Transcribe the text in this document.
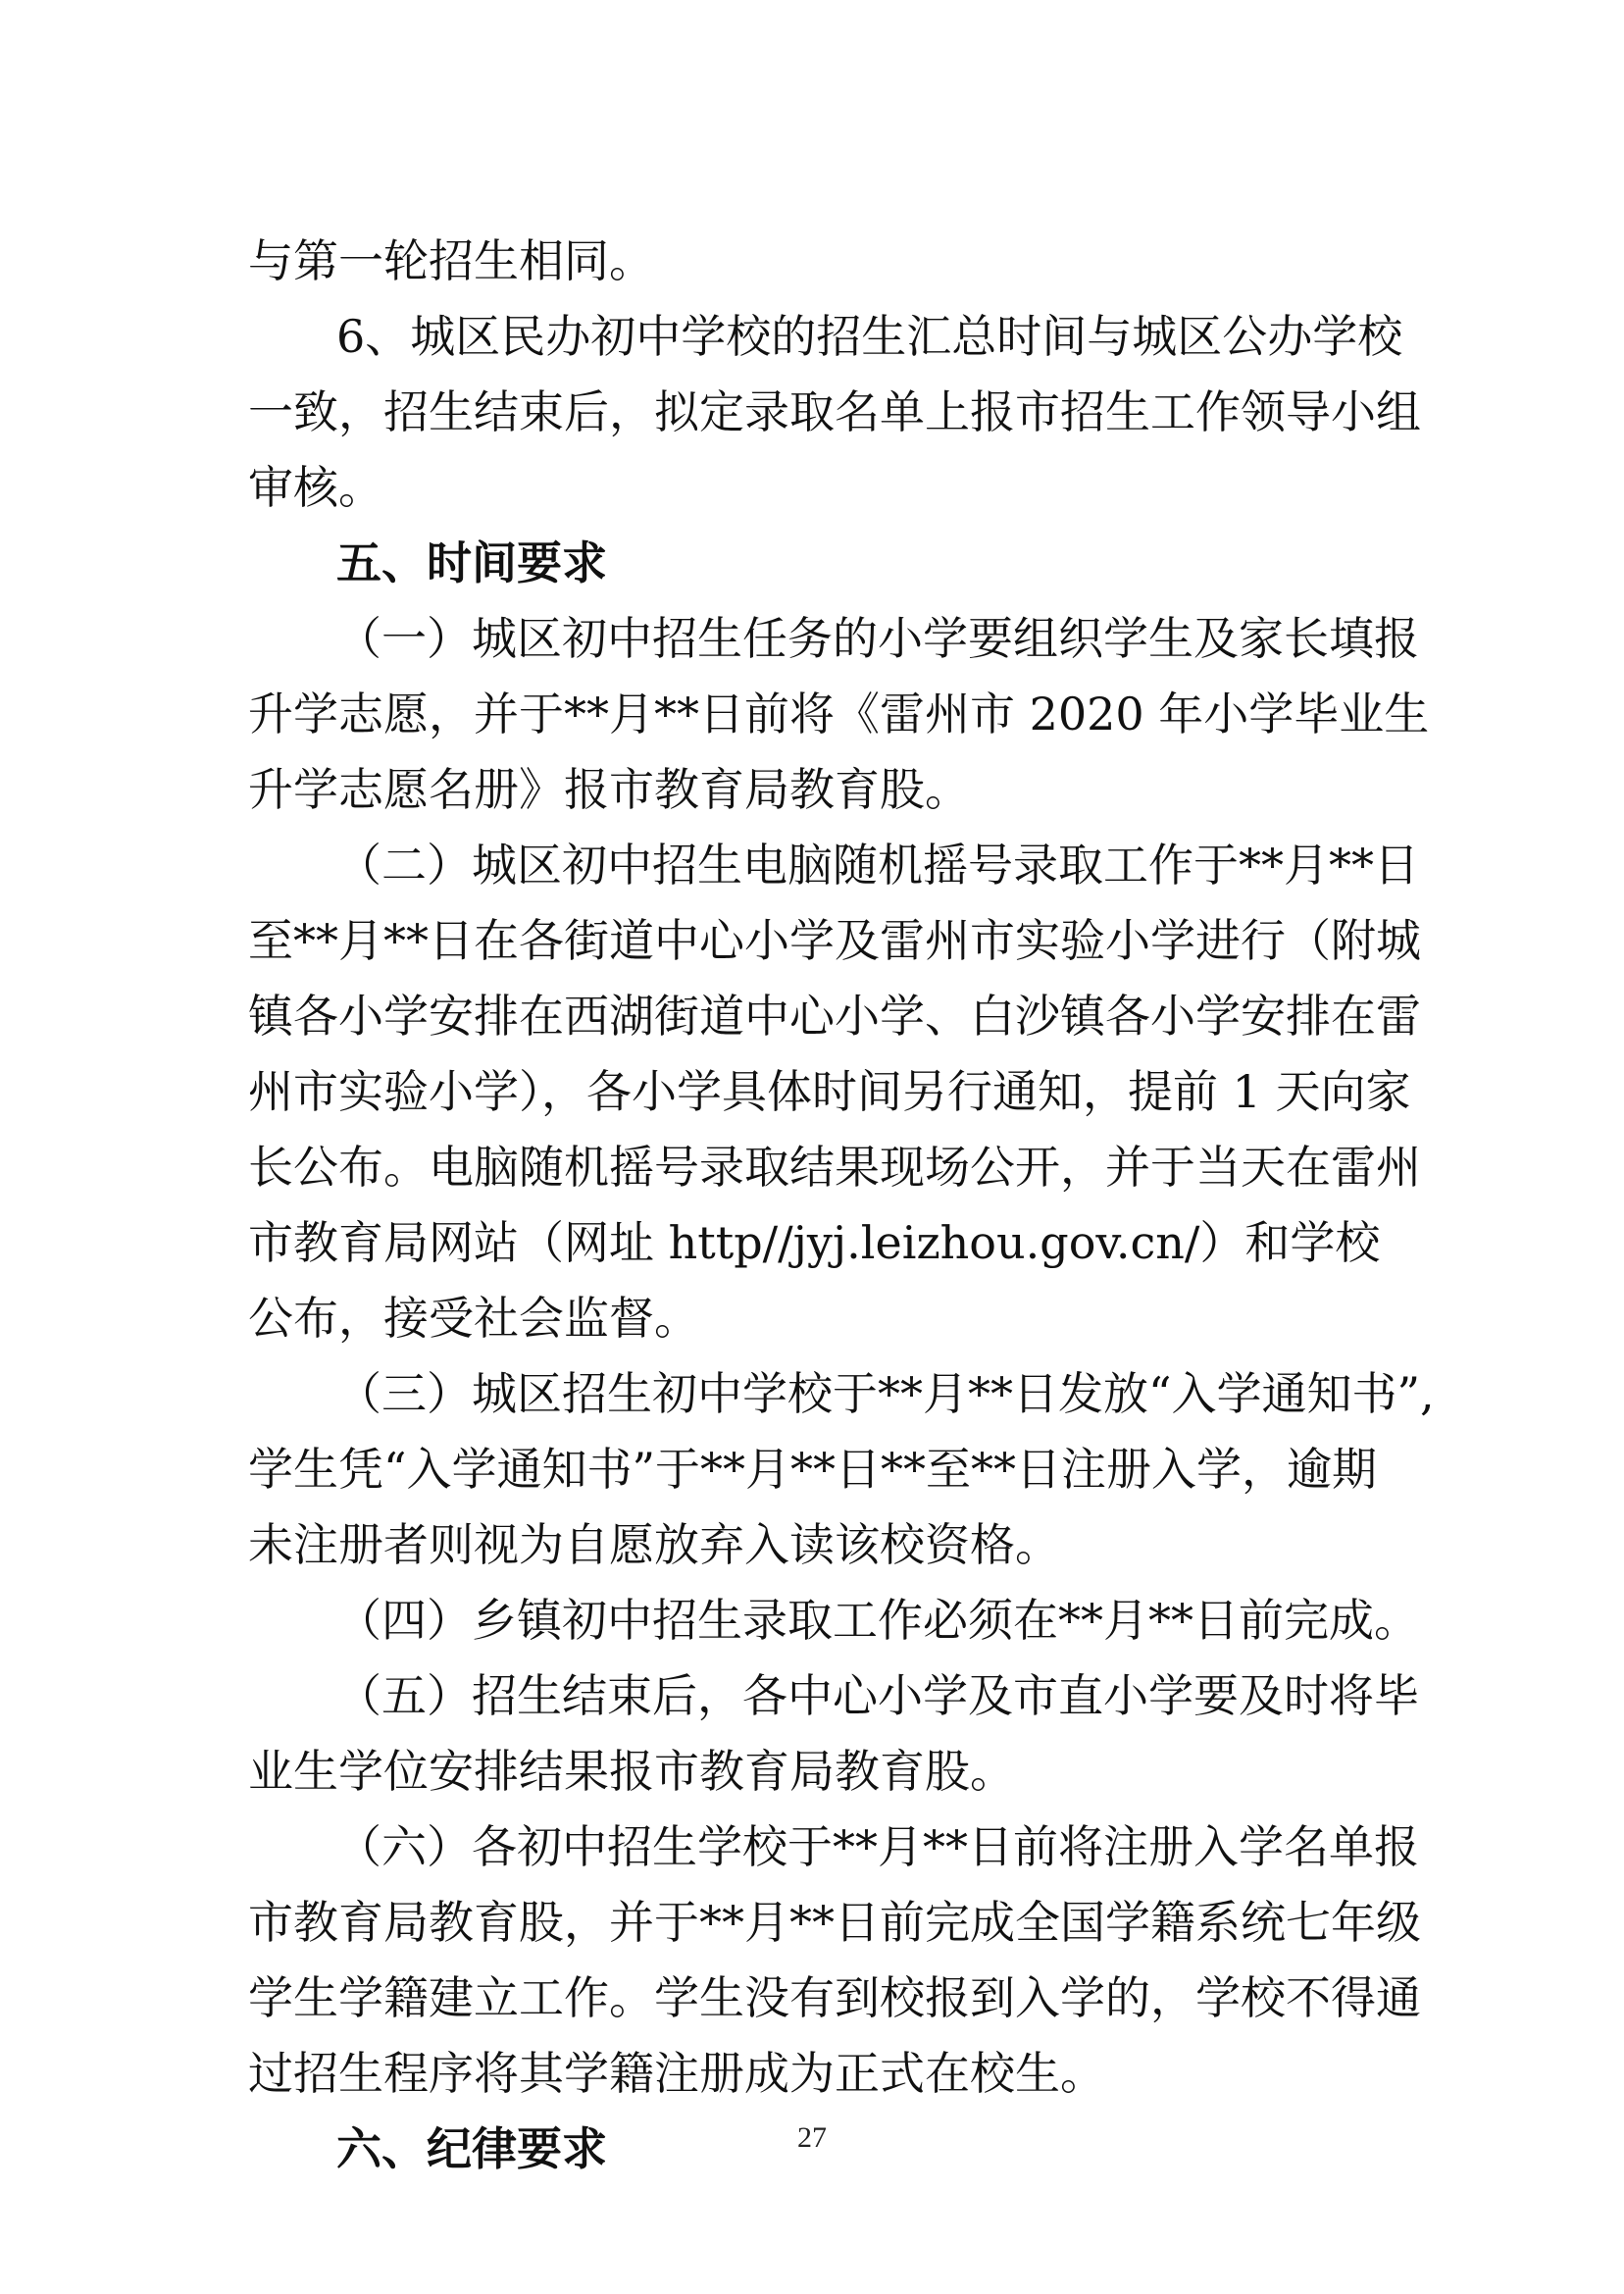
与第一轮招生相同。
6、城区民办初中学校的招生汇总时间与城区公办学校
一致，招生结束后，拟定录取名单上报市招生工作领导小组
审核。
五、时间要求
（一）城区初中招生任务的小学要组织学生及家长填报
升学志愿，并于**月**日前将《雷州市 2020 年小学毕业生
升学志愿名册》报市教育局教育股。
（二）城区初中招生电脑随机摇号录取工作于**月**日
至**月**日在各街道中心小学及雷州市实验小学进行（附城
镇各小学安排在西湖街道中心小学、白沙镇各小学安排在雷
州市实验小学），各小学具体时间另行通知，提前 1 天向家
长公布。电脑随机摇号录取结果现场公开，并于当天在雷州
市教育局网站（网址 http//jyj.leizhou.gov.cn/）和学校
公布，接受社会监督。
（三）城区招生初中学校于**月**日发放“入学通知书”,
学生凭“入学通知书”于**月**日**至**日注册入学，逾期
未注册者则视为自愿放弃入读该校资格。
（四）乡镇初中招生录取工作必须在**月**日前完成。
（五）招生结束后，各中心小学及市直小学要及时将毕
业生学位安排结果报市教育局教育股。
（六）各初中招生学校于**月**日前将注册入学名单报
市教育局教育股，并于**月**日前完成全国学籍系统七年级
学生学籍建立工作。学生没有到校报到入学的，学校不得通
过招生程序将其学籍注册成为正式在校生。
六、纪律要求	27
